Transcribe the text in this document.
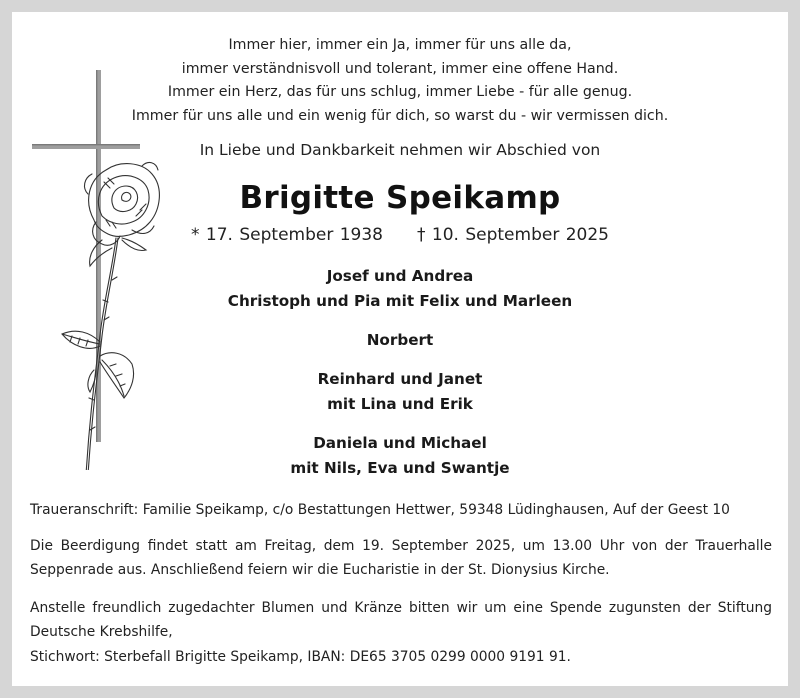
Immer hier, immer ein Ja, immer für uns alle da,
immer verständnisvoll und tolerant, immer eine offene Hand.
Immer ein Herz, das für uns schlug, immer Liebe - für alle genug.
Immer für uns alle und ein wenig für dich, so warst du - wir vermissen dich.
In Liebe und Dankbarkeit nehmen wir Abschied von
Brigitte Speikamp
* 17. September 1938 † 10. September 2025
Josef und Andrea
Christoph und Pia mit Felix und Marleen
Norbert
Reinhard und Janet
mit Lina und Erik
Daniela und Michael
mit Nils, Eva und Swantje
Traueranschrift: Familie Speikamp, c/o Bestattungen Hettwer, 59348 Lüdinghausen, Auf der Geest 10
Die Beerdigung findet statt am Freitag, dem 19. September 2025, um 13.00 Uhr von der Trauerhalle Seppenrade aus. Anschließend feiern wir die Eucharistie in der St. Dionysius Kirche.
Anstelle freundlich zugedachter Blumen und Kränze bitten wir um eine Spende zugunsten der Stiftung Deutsche Krebshilfe,
Stichwort: Sterbefall Brigitte Speikamp, IBAN: DE65 3705 0299 0000 9191 91.
